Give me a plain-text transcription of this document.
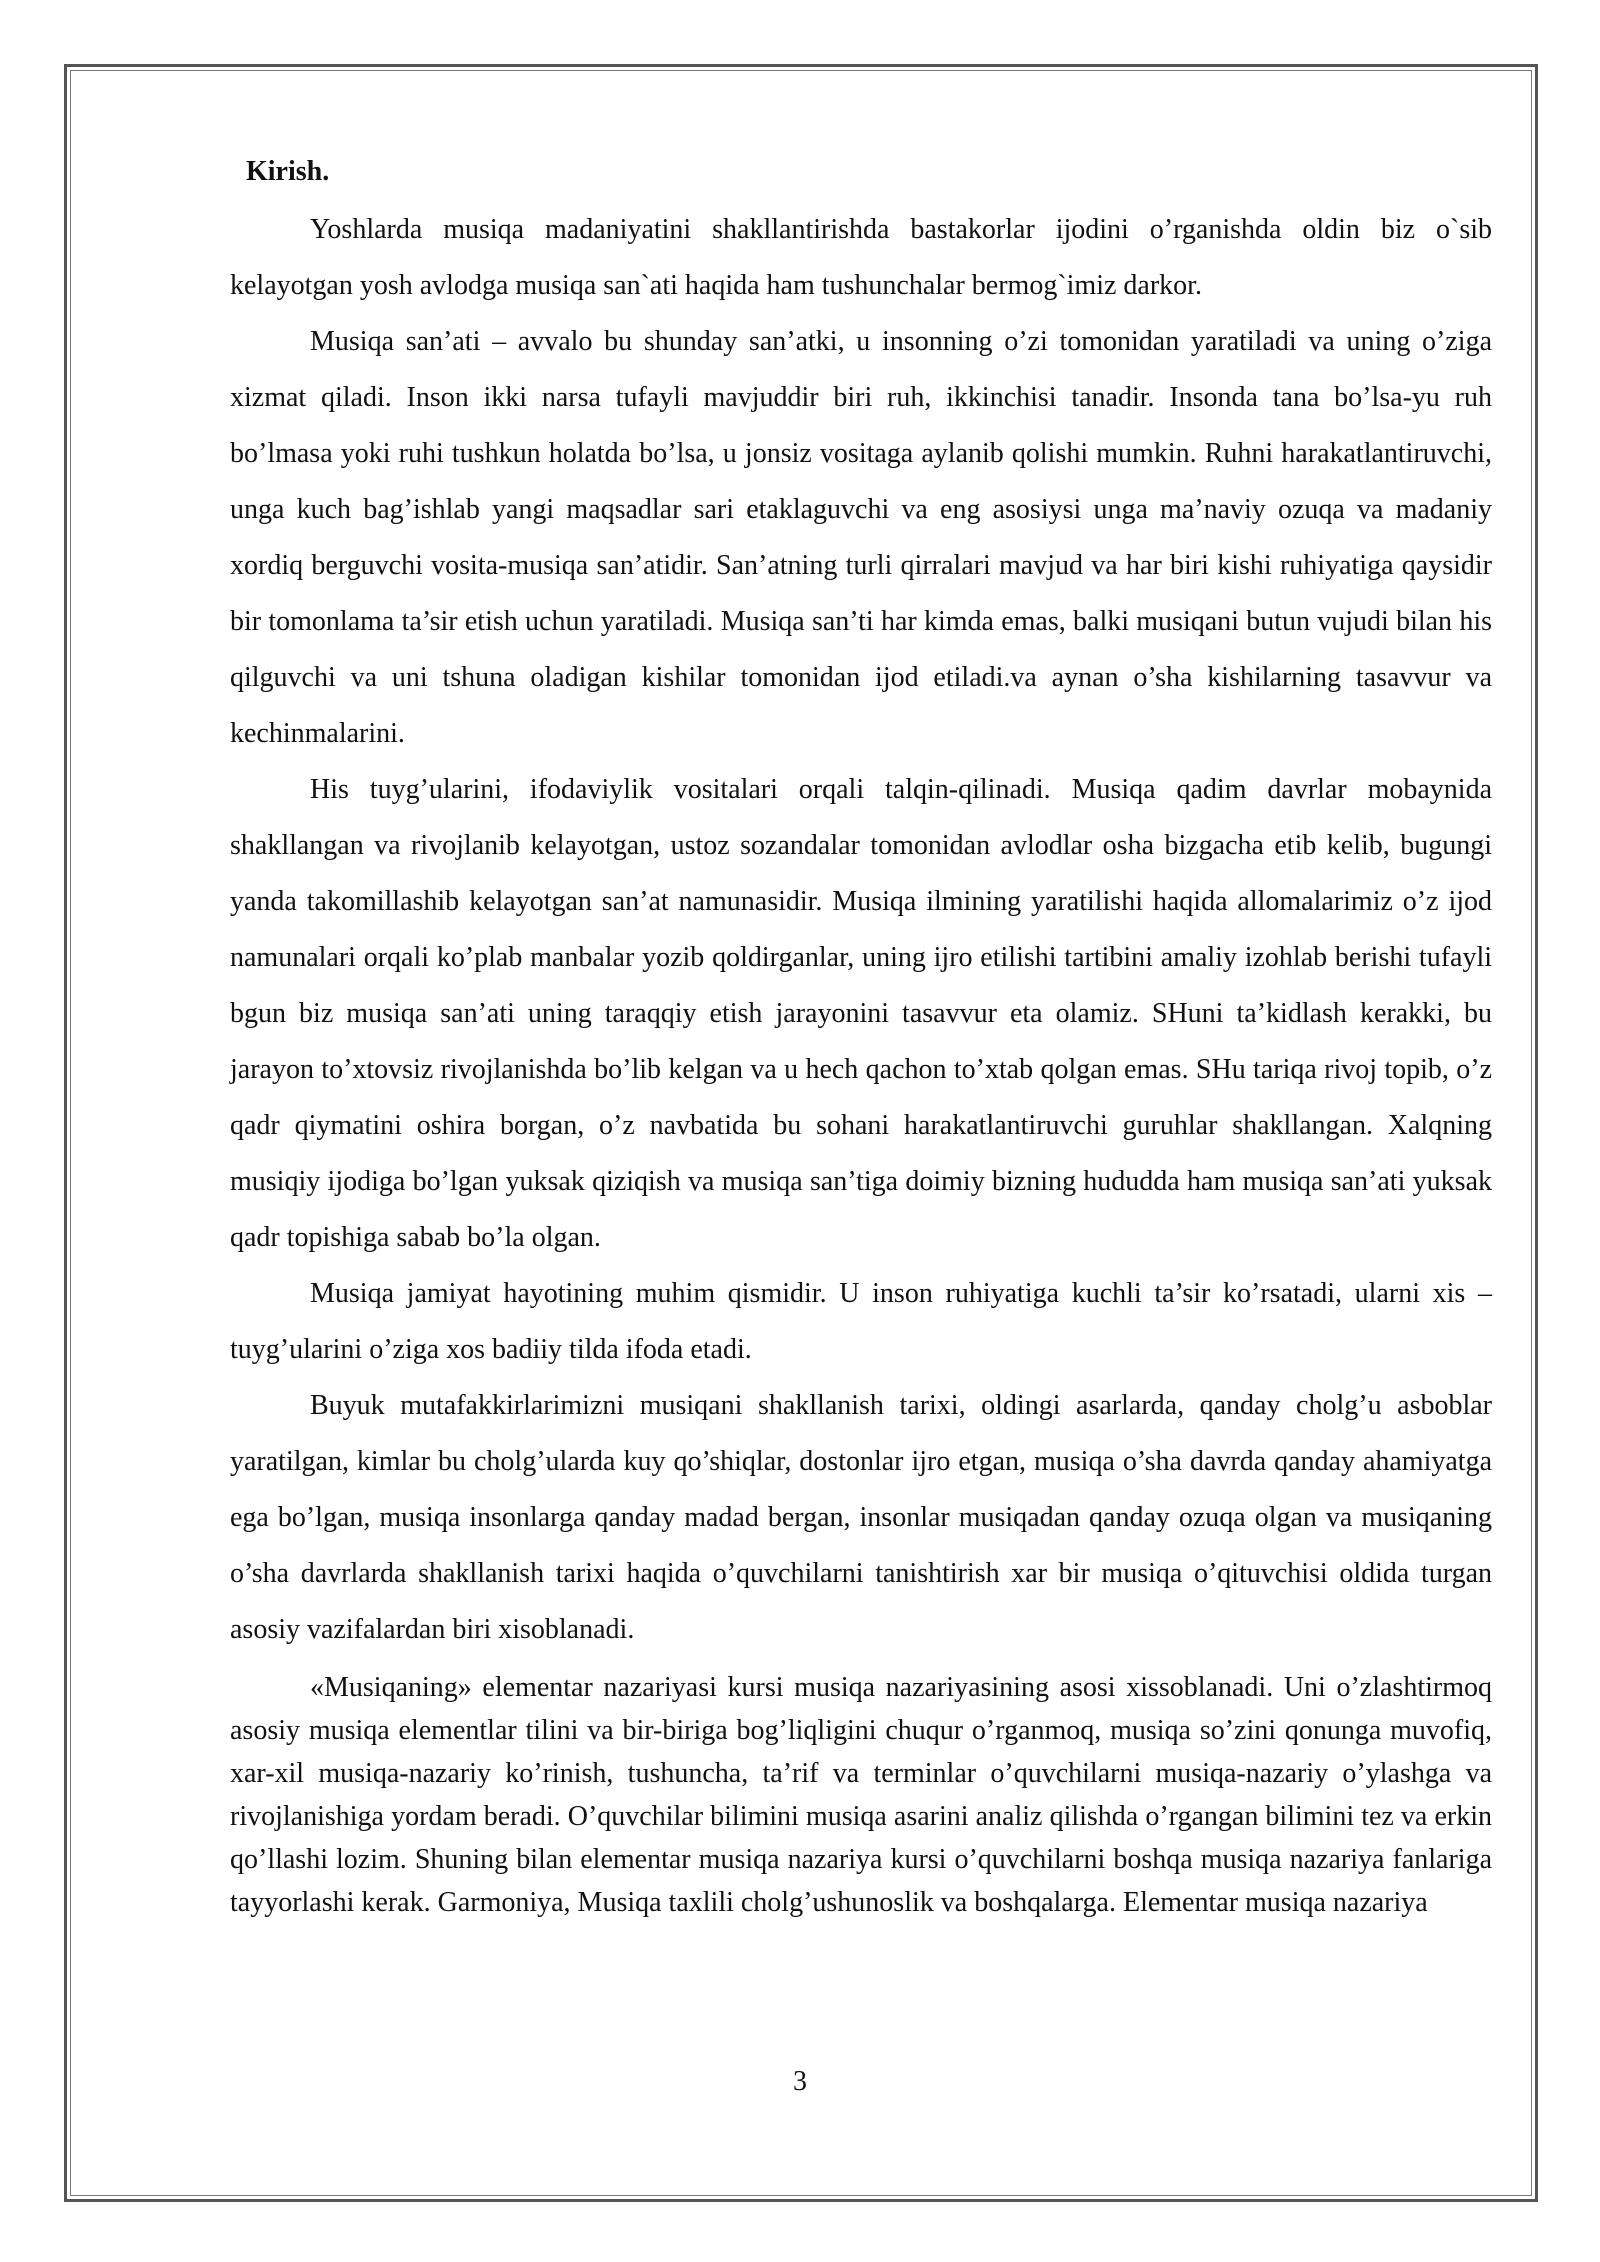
Kirish.

Yoshlarda musiqa madaniyatini shakllantirishda bastakorlar ijodini o’rganishda oldin biz o`sib kelayotgan yosh avlodga musiqa san`ati haqida ham tushunchalar bermog`imiz darkor.

Musiqa san’ati – avvalo bu shunday san’atki, u insonning o’zi tomonidan yaratiladi va uning o’ziga xizmat qiladi. Inson ikki narsa tufayli mavjuddir biri ruh, ikkinchisi tanadir. Insonda tana bo’lsa-yu ruh bo’lmasa yoki ruhi tushkun holatda bo’lsa, u jonsiz vositaga aylanib qolishi mumkin. Ruhni harakatlantiruvchi, unga kuch bag’ishlab yangi maqsadlar sari etaklaguvchi va eng asosiysi unga ma’naviy ozuqa va madaniy xordiq berguvchi vosita-musiqa san’atidir. San’atning turli qirralari mavjud va har biri kishi ruhiyatiga qaysidir bir tomonlama ta’sir etish uchun yaratiladi. Musiqa san’ti har kimda emas, balki musiqani butun vujudi bilan his qilguvchi va uni tshuna oladigan kishilar tomonidan ijod etiladi.va aynan o’sha kishilarning tasavvur va kechinmalarini.

His tuyg’ularini, ifodaviylik vositalari orqali talqin-qilinadi. Musiqa qadim davrlar mobaynida shakllangan va rivojlanib kelayotgan, ustoz sozandalar tomonidan avlodlar osha bizgacha etib kelib, bugungi yanda takomillashib kelayotgan san’at namunasidir. Musiqa ilmining yaratilishi haqida allomalarimiz o’z ijod namunalari orqali ko’plab manbalar yozib qoldirganlar, uning ijro etilishi tartibini amaliy izohlab berishi tufayli bgun biz musiqa san’ati uning taraqqiy etish jarayonini tasavvur eta olamiz. SHuni ta’kidlash kerakki, bu jarayon to’xtovsiz rivojlanishda bo’lib kelgan va u hech qachon to’xtab qolgan emas. SHu tariqa rivoj topib, o’z qadr qiymatini oshira borgan, o’z navbatida bu sohani harakatlantiruvchi guruhlar shakllangan. Xalqning musiqiy ijodiga bo’lgan yuksak qiziqish va musiqa san’tiga doimiy bizning hududda ham musiqa san’ati yuksak qadr topishiga sabab bo’la olgan.

Musiqa jamiyat hayotining muhim qismidir. U inson ruhiyatiga kuchli ta’sir ko’rsatadi, ularni xis –tuyg’ularini o’ziga xos badiiy tilda ifoda etadi.

Buyuk mutafakkirlarimizni musiqani shakllanish tarixi, oldingi asarlarda, qanday cholg’u asboblar yaratilgan, kimlar bu cholg’ularda kuy qo’shiqlar, dostonlar ijro etgan, musiqa o’sha davrda qanday ahamiyatga ega bo’lgan, musiqa insonlarga qanday madad bergan, insonlar musiqadan qanday ozuqa olgan va musiqaning o’sha davrlarda shakllanish tarixi haqida o’quvchilarni tanishtirish xar bir musiqa o’qituvchisi oldida turgan asosiy vazifalardan biri xisoblanadi.

«Musiqaning» elementar nazariyasi kursi musiqa nazariyasining asosi xissoblanadi. Uni o’zlashtirmoq asosiy musiqa elementlar tilini va bir-biriga bog’liqligini chuqur o’rganmoq, musiqa so’zini qonunga muvofiq, xar-xil musiqa-nazariy ko’rinish, tushuncha, ta’rif va terminlar o’quvchilarni musiqa-nazariy o’ylashga va rivojlanishiga yordam beradi. O’quvchilar bilimini musiqa asarini analiz qilishda o’rgangan bilimini tez va erkin qo’llashi lozim. Shuning bilan elementar musiqa nazariya kursi o’quvchilarni boshqa musiqa nazariya fanlariga tayyorlashi kerak. Garmoniya, Musiqa taxlili cholg’ushunoslik va boshqalarga. Elementar musiqa nazariya

3
